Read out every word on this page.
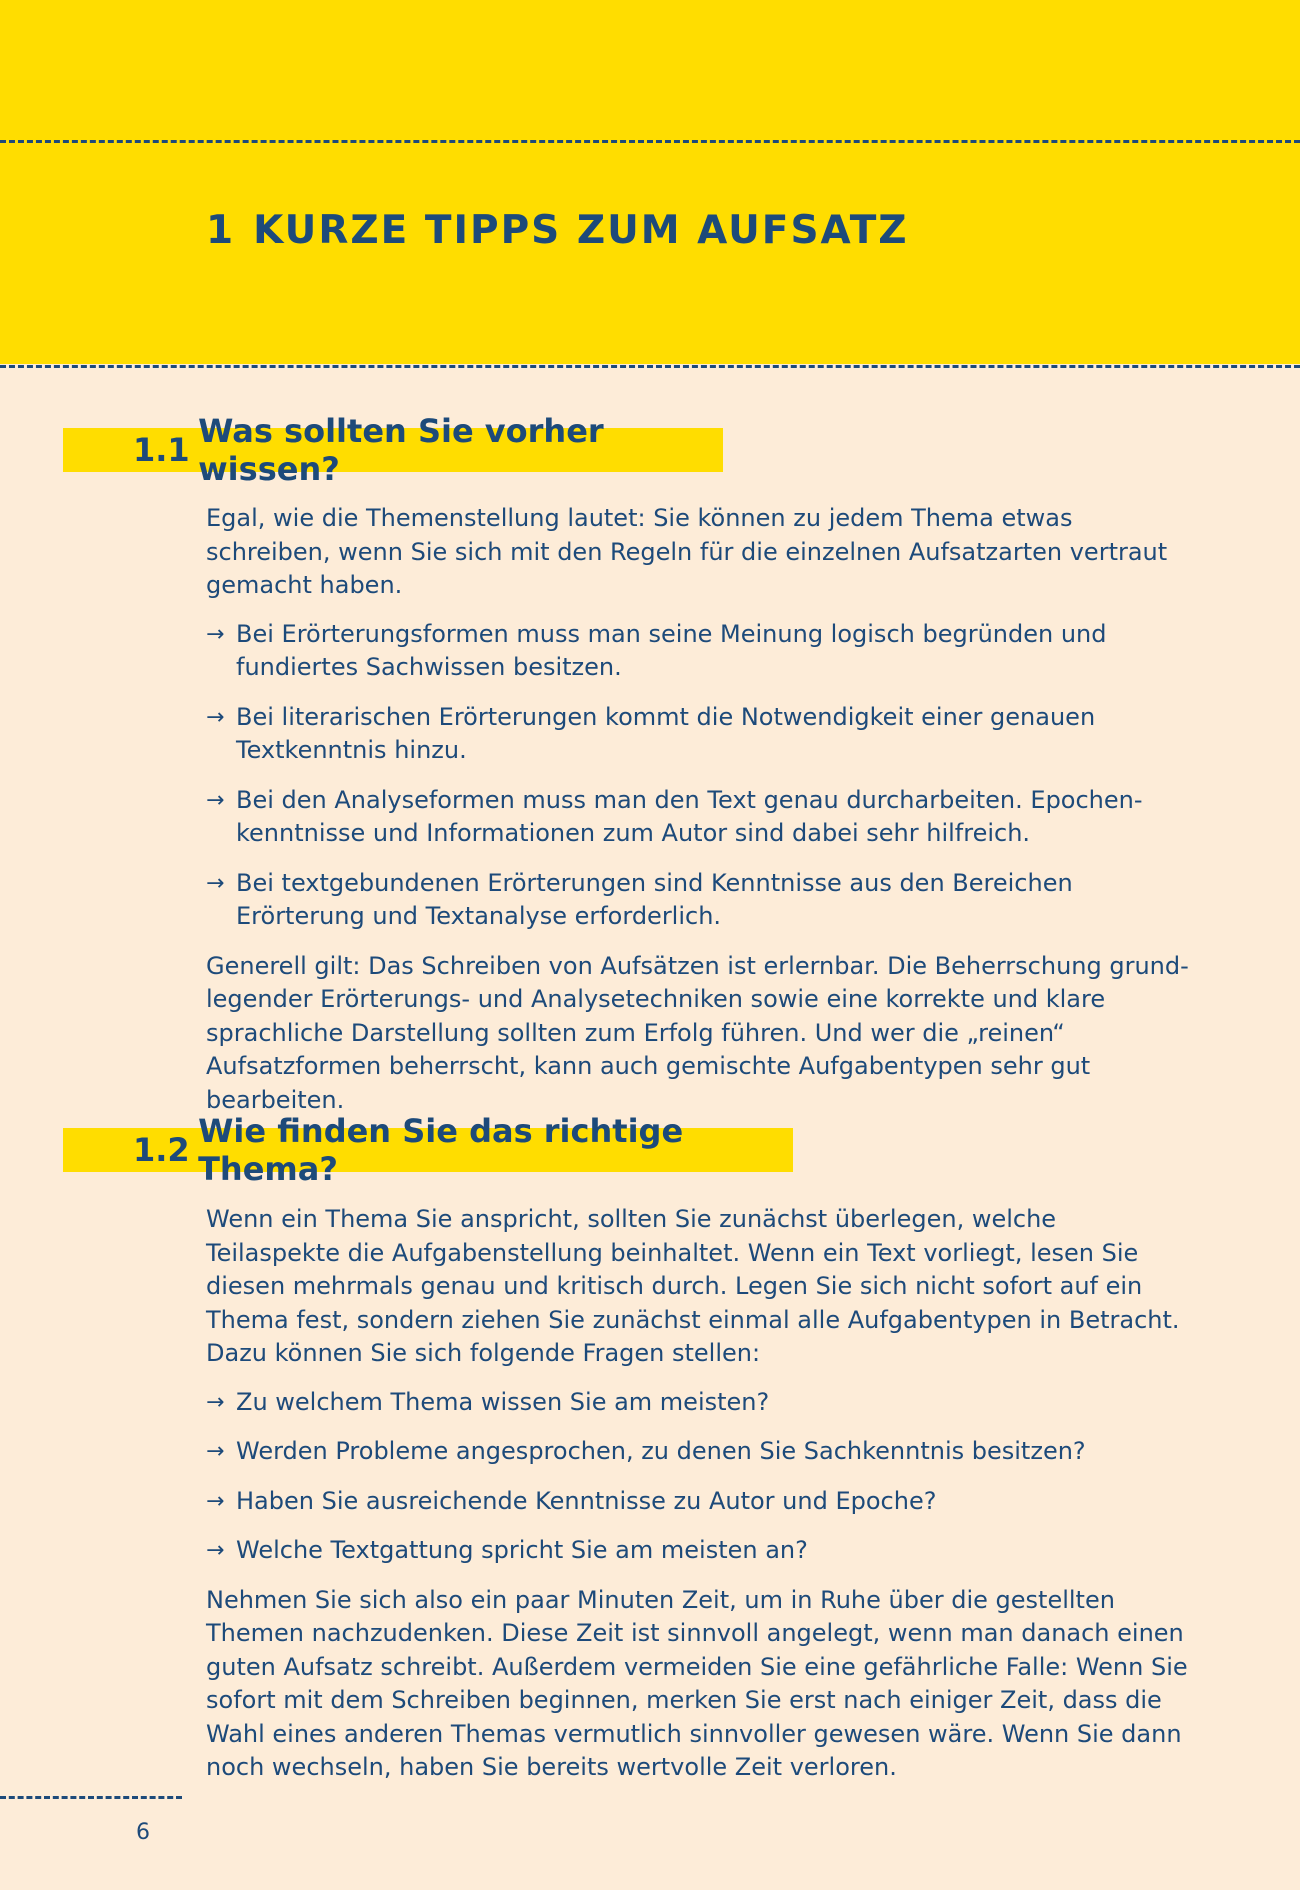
1 KURZE TIPPS ZUM AUFSATZ
1.1 Was sollten Sie vorher wissen?

Egal, wie die Themenstellung lautet: Sie können zu jedem Thema etwas schreiben, wenn Sie sich mit den Regeln für die einzelnen Aufsatzarten vertraut gemacht haben.

→ Bei Erörterungsformen muss man seine Meinung logisch begründen und fundiertes Sachwissen besitzen.
→ Bei literarischen Erörterungen kommt die Notwendigkeit einer genauen Textkenntnis hinzu.
→ Bei den Analyseformen muss man den Text genau durcharbeiten. Epochenkenntnisse und Informationen zum Autor sind dabei sehr hilfreich.
→ Bei textgebundenen Erörterungen sind Kenntnisse aus den Bereichen Erörterung und Textanalyse erforderlich.

Generell gilt: Das Schreiben von Aufsätzen ist erlernbar. Die Beherrschung grundlegender Erörterungs- und Analysetechniken sowie eine korrekte und klare sprachliche Darstellung sollten zum Erfolg führen. Und wer die „reinen“ Aufsatzformen beherrscht, kann auch gemischte Aufgabentypen sehr gut bearbeiten.

1.2 Wie finden Sie das richtige Thema?

Wenn ein Thema Sie anspricht, sollten Sie zunächst überlegen, welche Teilaspekte die Aufgabenstellung beinhaltet. Wenn ein Text vorliegt, lesen Sie diesen mehrmals genau und kritisch durch. Legen Sie sich nicht sofort auf ein Thema fest, sondern ziehen Sie zunächst einmal alle Aufgabentypen in Betracht. Dazu können Sie sich folgende Fragen stellen:

→ Zu welchem Thema wissen Sie am meisten?
→ Werden Probleme angesprochen, zu denen Sie Sachkenntnis besitzen?
→ Haben Sie ausreichende Kenntnisse zu Autor und Epoche?
→ Welche Textgattung spricht Sie am meisten an?

Nehmen Sie sich also ein paar Minuten Zeit, um in Ruhe über die gestellten Themen nachzudenken. Diese Zeit ist sinnvoll angelegt, wenn man danach einen guten Aufsatz schreibt. Außerdem vermeiden Sie eine gefährliche Falle: Wenn Sie sofort mit dem Schreiben beginnen, merken Sie erst nach einiger Zeit, dass die Wahl eines anderen Themas vermutlich sinnvoller gewesen wäre. Wenn Sie dann noch wechseln, haben Sie bereits wertvolle Zeit verloren.

6
